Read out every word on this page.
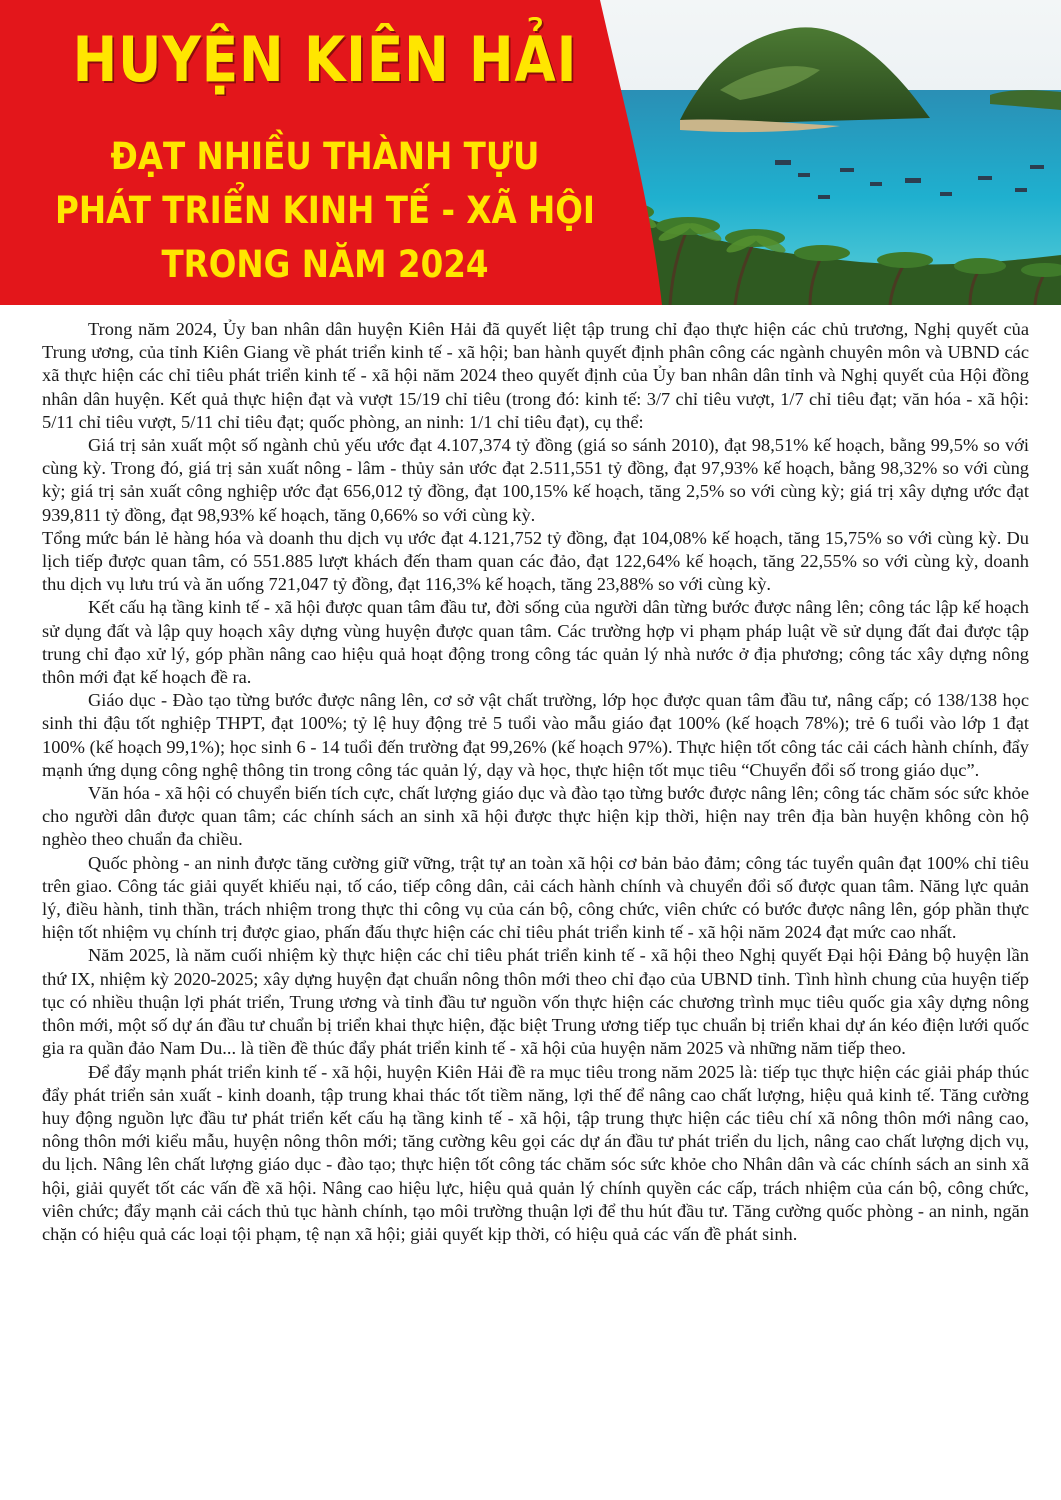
HUYỆN KIÊN HẢI
ĐẠT NHIỀU THÀNH TỰU
PHÁT TRIỂN KINH TẾ - XÃ HỘI
TRONG NĂM 2024

Trong năm 2024, Ủy ban nhân dân huyện Kiên Hải đã quyết liệt tập trung chỉ đạo thực hiện các chủ trương, Nghị quyết của Trung ương, của tỉnh Kiên Giang về phát triển kinh tế - xã hội; ban hành quyết định phân công các ngành chuyên môn và UBND các xã thực hiện các chỉ tiêu phát triển kinh tế - xã hội năm 2024 theo quyết định của Ủy ban nhân dân tỉnh và Nghị quyết của Hội đồng nhân dân huyện. Kết quả thực hiện đạt và vượt 15/19 chỉ tiêu (trong đó: kinh tế: 3/7 chỉ tiêu vượt, 1/7 chỉ tiêu đạt; văn hóa - xã hội: 5/11 chỉ tiêu vượt, 5/11 chỉ tiêu đạt; quốc phòng, an ninh: 1/1 chỉ tiêu đạt), cụ thể:

Giá trị sản xuất một số ngành chủ yếu ước đạt 4.107,374 tỷ đồng (giá so sánh 2010), đạt 98,51% kế hoạch, bằng 99,5% so với cùng kỳ. Trong đó, giá trị sản xuất nông - lâm - thủy sản ước đạt 2.511,551 tỷ đồng, đạt 97,93% kế hoạch, bằng 98,32% so với cùng kỳ; giá trị sản xuất công nghiệp ước đạt 656,012 tỷ đồng, đạt 100,15% kế hoạch, tăng 2,5% so với cùng kỳ; giá trị xây dựng ước đạt 939,811 tỷ đồng, đạt 98,93% kế hoạch, tăng 0,66% so với cùng kỳ.

Tổng mức bán lẻ hàng hóa và doanh thu dịch vụ ước đạt 4.121,752 tỷ đồng, đạt 104,08% kế hoạch, tăng 15,75% so với cùng kỳ. Du lịch tiếp được quan tâm, có 551.885 lượt khách đến tham quan các đảo, đạt 122,64% kế hoạch, tăng 22,55% so với cùng kỳ, doanh thu dịch vụ lưu trú và ăn uống 721,047 tỷ đồng, đạt 116,3% kế hoạch, tăng 23,88% so với cùng kỳ.

Kết cấu hạ tầng kinh tế - xã hội được quan tâm đầu tư, đời sống của người dân từng bước được nâng lên; công tác lập kế hoạch sử dụng đất và lập quy hoạch xây dựng vùng huyện được quan tâm. Các trường hợp vi phạm pháp luật về sử dụng đất đai được tập trung chỉ đạo xử lý, góp phần nâng cao hiệu quả hoạt động trong công tác quản lý nhà nước ở địa phương; công tác xây dựng nông thôn mới đạt kế hoạch đề ra.

Giáo dục - Đào tạo từng bước được nâng lên, cơ sở vật chất trường, lớp học được quan tâm đầu tư, nâng cấp; có 138/138 học sinh thi đậu tốt nghiệp THPT, đạt 100%; tỷ lệ huy động trẻ 5 tuổi vào mẫu giáo đạt 100% (kế hoạch 78%); trẻ 6 tuổi vào lớp 1 đạt 100% (kế hoạch 99,1%); học sinh 6 - 14 tuổi đến trường đạt 99,26% (kế hoạch 97%). Thực hiện tốt công tác cải cách hành chính, đẩy mạnh ứng dụng công nghệ thông tin trong công tác quản lý, dạy và học, thực hiện tốt mục tiêu “Chuyển đổi số trong giáo dục”.

Văn hóa - xã hội có chuyển biến tích cực, chất lượng giáo dục và đào tạo từng bước được nâng lên; công tác chăm sóc sức khỏe cho người dân được quan tâm; các chính sách an sinh xã hội được thực hiện kịp thời, hiện nay trên địa bàn huyện không còn hộ nghèo theo chuẩn đa chiều.

Quốc phòng - an ninh được tăng cường giữ vững, trật tự an toàn xã hội cơ bản bảo đảm; công tác tuyển quân đạt 100% chỉ tiêu trên giao. Công tác giải quyết khiếu nại, tố cáo, tiếp công dân, cải cách hành chính và chuyển đổi số được quan tâm. Năng lực quản lý, điều hành, tinh thần, trách nhiệm trong thực thi công vụ của cán bộ, công chức, viên chức có bước được nâng lên, góp phần thực hiện tốt nhiệm vụ chính trị được giao, phấn đấu thực hiện các chỉ tiêu phát triển kinh tế - xã hội năm 2024 đạt mức cao nhất.

Năm 2025, là năm cuối nhiệm kỳ thực hiện các chỉ tiêu phát triển kinh tế - xã hội theo Nghị quyết Đại hội Đảng bộ huyện lần thứ IX, nhiệm kỳ 2020-2025; xây dựng huyện đạt chuẩn nông thôn mới theo chỉ đạo của UBND tỉnh. Tình hình chung của huyện tiếp tục có nhiều thuận lợi phát triển, Trung ương và tỉnh đầu tư nguồn vốn thực hiện các chương trình mục tiêu quốc gia xây dựng nông thôn mới, một số dự án đầu tư chuẩn bị triển khai thực hiện, đặc biệt Trung ương tiếp tục chuẩn bị triển khai dự án kéo điện lưới quốc gia ra quần đảo Nam Du... là tiền đề thúc đẩy phát triển kinh tế - xã hội của huyện năm 2025 và những năm tiếp theo.

Để đẩy mạnh phát triển kinh tế - xã hội, huyện Kiên Hải đề ra mục tiêu trong năm 2025 là: tiếp tục thực hiện các giải pháp thúc đẩy phát triển sản xuất - kinh doanh, tập trung khai thác tốt tiềm năng, lợi thế để nâng cao chất lượng, hiệu quả kinh tế. Tăng cường huy động nguồn lực đầu tư phát triển kết cấu hạ tầng kinh tế - xã hội, tập trung thực hiện các tiêu chí xã nông thôn mới nâng cao, nông thôn mới kiểu mẫu, huyện nông thôn mới; tăng cường kêu gọi các dự án đầu tư phát triển du lịch, nâng cao chất lượng dịch vụ, du lịch. Nâng lên chất lượng giáo dục - đào tạo; thực hiện tốt công tác chăm sóc sức khỏe cho Nhân dân và các chính sách an sinh xã hội, giải quyết tốt các vấn đề xã hội. Nâng cao hiệu lực, hiệu quả quản lý chính quyền các cấp, trách nhiệm của cán bộ, công chức, viên chức; đẩy mạnh cải cách thủ tục hành chính, tạo môi trường thuận lợi để thu hút đầu tư. Tăng cường quốc phòng - an ninh, ngăn chặn có hiệu quả các loại tội phạm, tệ nạn xã hội; giải quyết kịp thời, có hiệu quả các vấn đề phát sinh.
